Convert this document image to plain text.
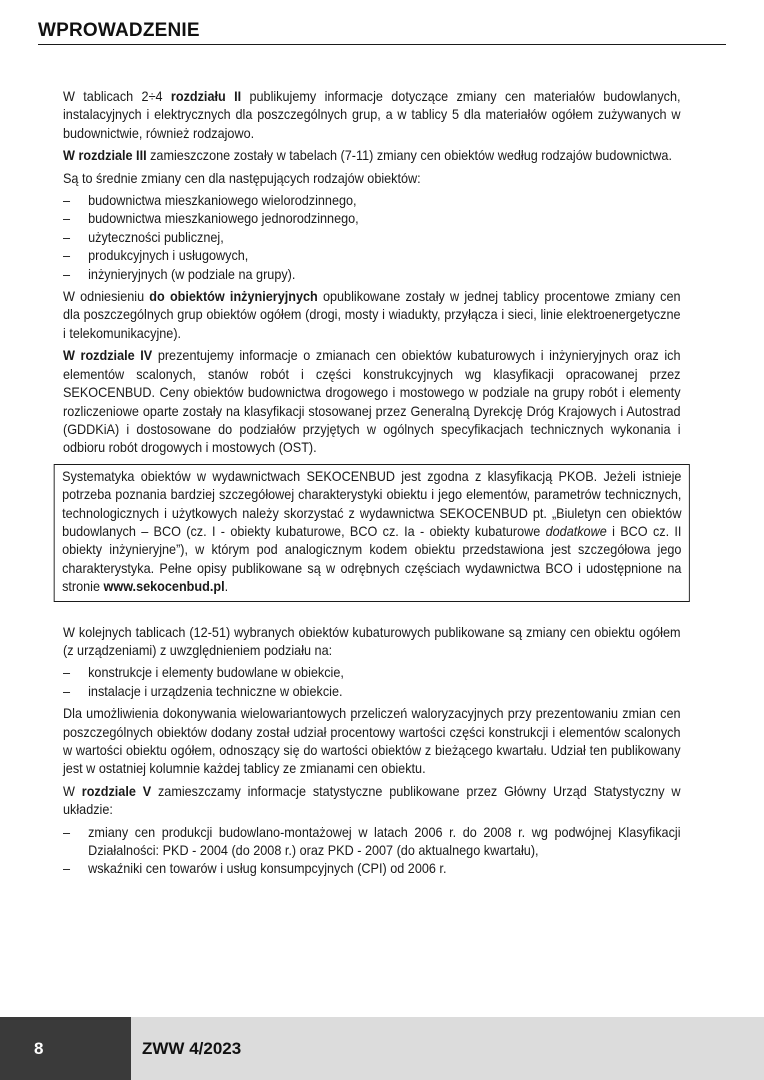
WPROWADZENIE

W tablicach 2÷4 rozdziału II publikujemy informacje dotyczące zmiany cen materiałów budowlanych, instalacyjnych i elektrycznych dla poszczególnych grup, a w tablicy 5 dla materiałów ogółem zużywanych w budownictwie, również rodzajowo.

W rozdziale III zamieszczone zostały w tabelach (7-11) zmiany cen obiektów według rodzajów budownictwa.

Są to średnie zmiany cen dla następujących rodzajów obiektów:

– budownictwa mieszkaniowego wielorodzinnego,
– budownictwa mieszkaniowego jednorodzinnego,
– użyteczności publicznej,
– produkcyjnych i usługowych,
– inżynieryjnych (w podziale na grupy).

W odniesieniu do obiektów inżynieryjnych opublikowane zostały w jednej tablicy procentowe zmiany cen dla poszczególnych grup obiektów ogółem (drogi, mosty i wiadukty, przyłącza i sieci, linie elektroenergetyczne i telekomunikacyjne).

W rozdziale IV prezentujemy informacje o zmianach cen obiektów kubaturowych i inżynieryjnych oraz ich elementów scalonych, stanów robót i części konstrukcyjnych wg klasyfikacji opracowanej przez SEKOCENBUD. Ceny obiektów budownictwa drogowego i mostowego w podziale na grupy robót i elementy rozliczeniowe oparte zostały na klasyfikacji stosowanej przez Generalną Dyrekcję Dróg Krajowych i Autostrad (GDDKiA) i dostosowane do podziałów przyjętych w ogólnych specyfikacjach technicznych wykonania i odbioru robót drogowych i mostowych (OST).

Systematyka obiektów w wydawnictwach SEKOCENBUD jest zgodna z klasyfikacją PKOB. Jeżeli istnieje potrzeba poznania bardziej szczegółowej charakterystyki obiektu i jego elementów, parametrów technicznych, technologicznych i użytkowych należy skorzystać z wydawnictwa SEKOCENBUD pt. „Biuletyn cen obiektów budowlanych – BCO (cz. I - obiekty kubaturowe, BCO cz. Ia - obiekty kubaturowe dodatkowe i BCO cz. II obiekty inżynieryjne”), w którym pod analogicznym kodem obiektu przedstawiona jest szczegółowa jego charakterystyka. Pełne opisy publikowane są w odrębnych częściach wydawnictwa BCO i udostępnione na stronie www.sekocenbud.pl.

W kolejnych tablicach (12-51) wybranych obiektów kubaturowych publikowane są zmiany cen obiektu ogółem (z urządzeniami) z uwzględnieniem podziału na:

– konstrukcje i elementy budowlane w obiekcie,
– instalacje i urządzenia techniczne w obiekcie.

Dla umożliwienia dokonywania wielowariantowych przeliczeń waloryzacyjnych przy prezentowaniu zmian cen poszczególnych obiektów dodany został udział procentowy wartości części konstrukcji i elementów scalonych w wartości obiektu ogółem, odnoszący się do wartości obiektów z bieżącego kwartału. Udział ten publikowany jest w ostatniej kolumnie każdej tablicy ze zmianami cen obiektu.

W rozdziale V zamieszczamy informacje statystyczne publikowane przez Główny Urząd Statystyczny w układzie:

– zmiany cen produkcji budowlano-montażowej w latach 2006 r. do 2008 r. wg podwójnej Klasyfikacji Działalności: PKD - 2004 (do 2008 r.) oraz PKD - 2007 (do aktualnego kwartału),
– wskaźniki cen towarów i usług konsumpcyjnych (CPI) od 2006 r.
8	ZWW 4/2023
